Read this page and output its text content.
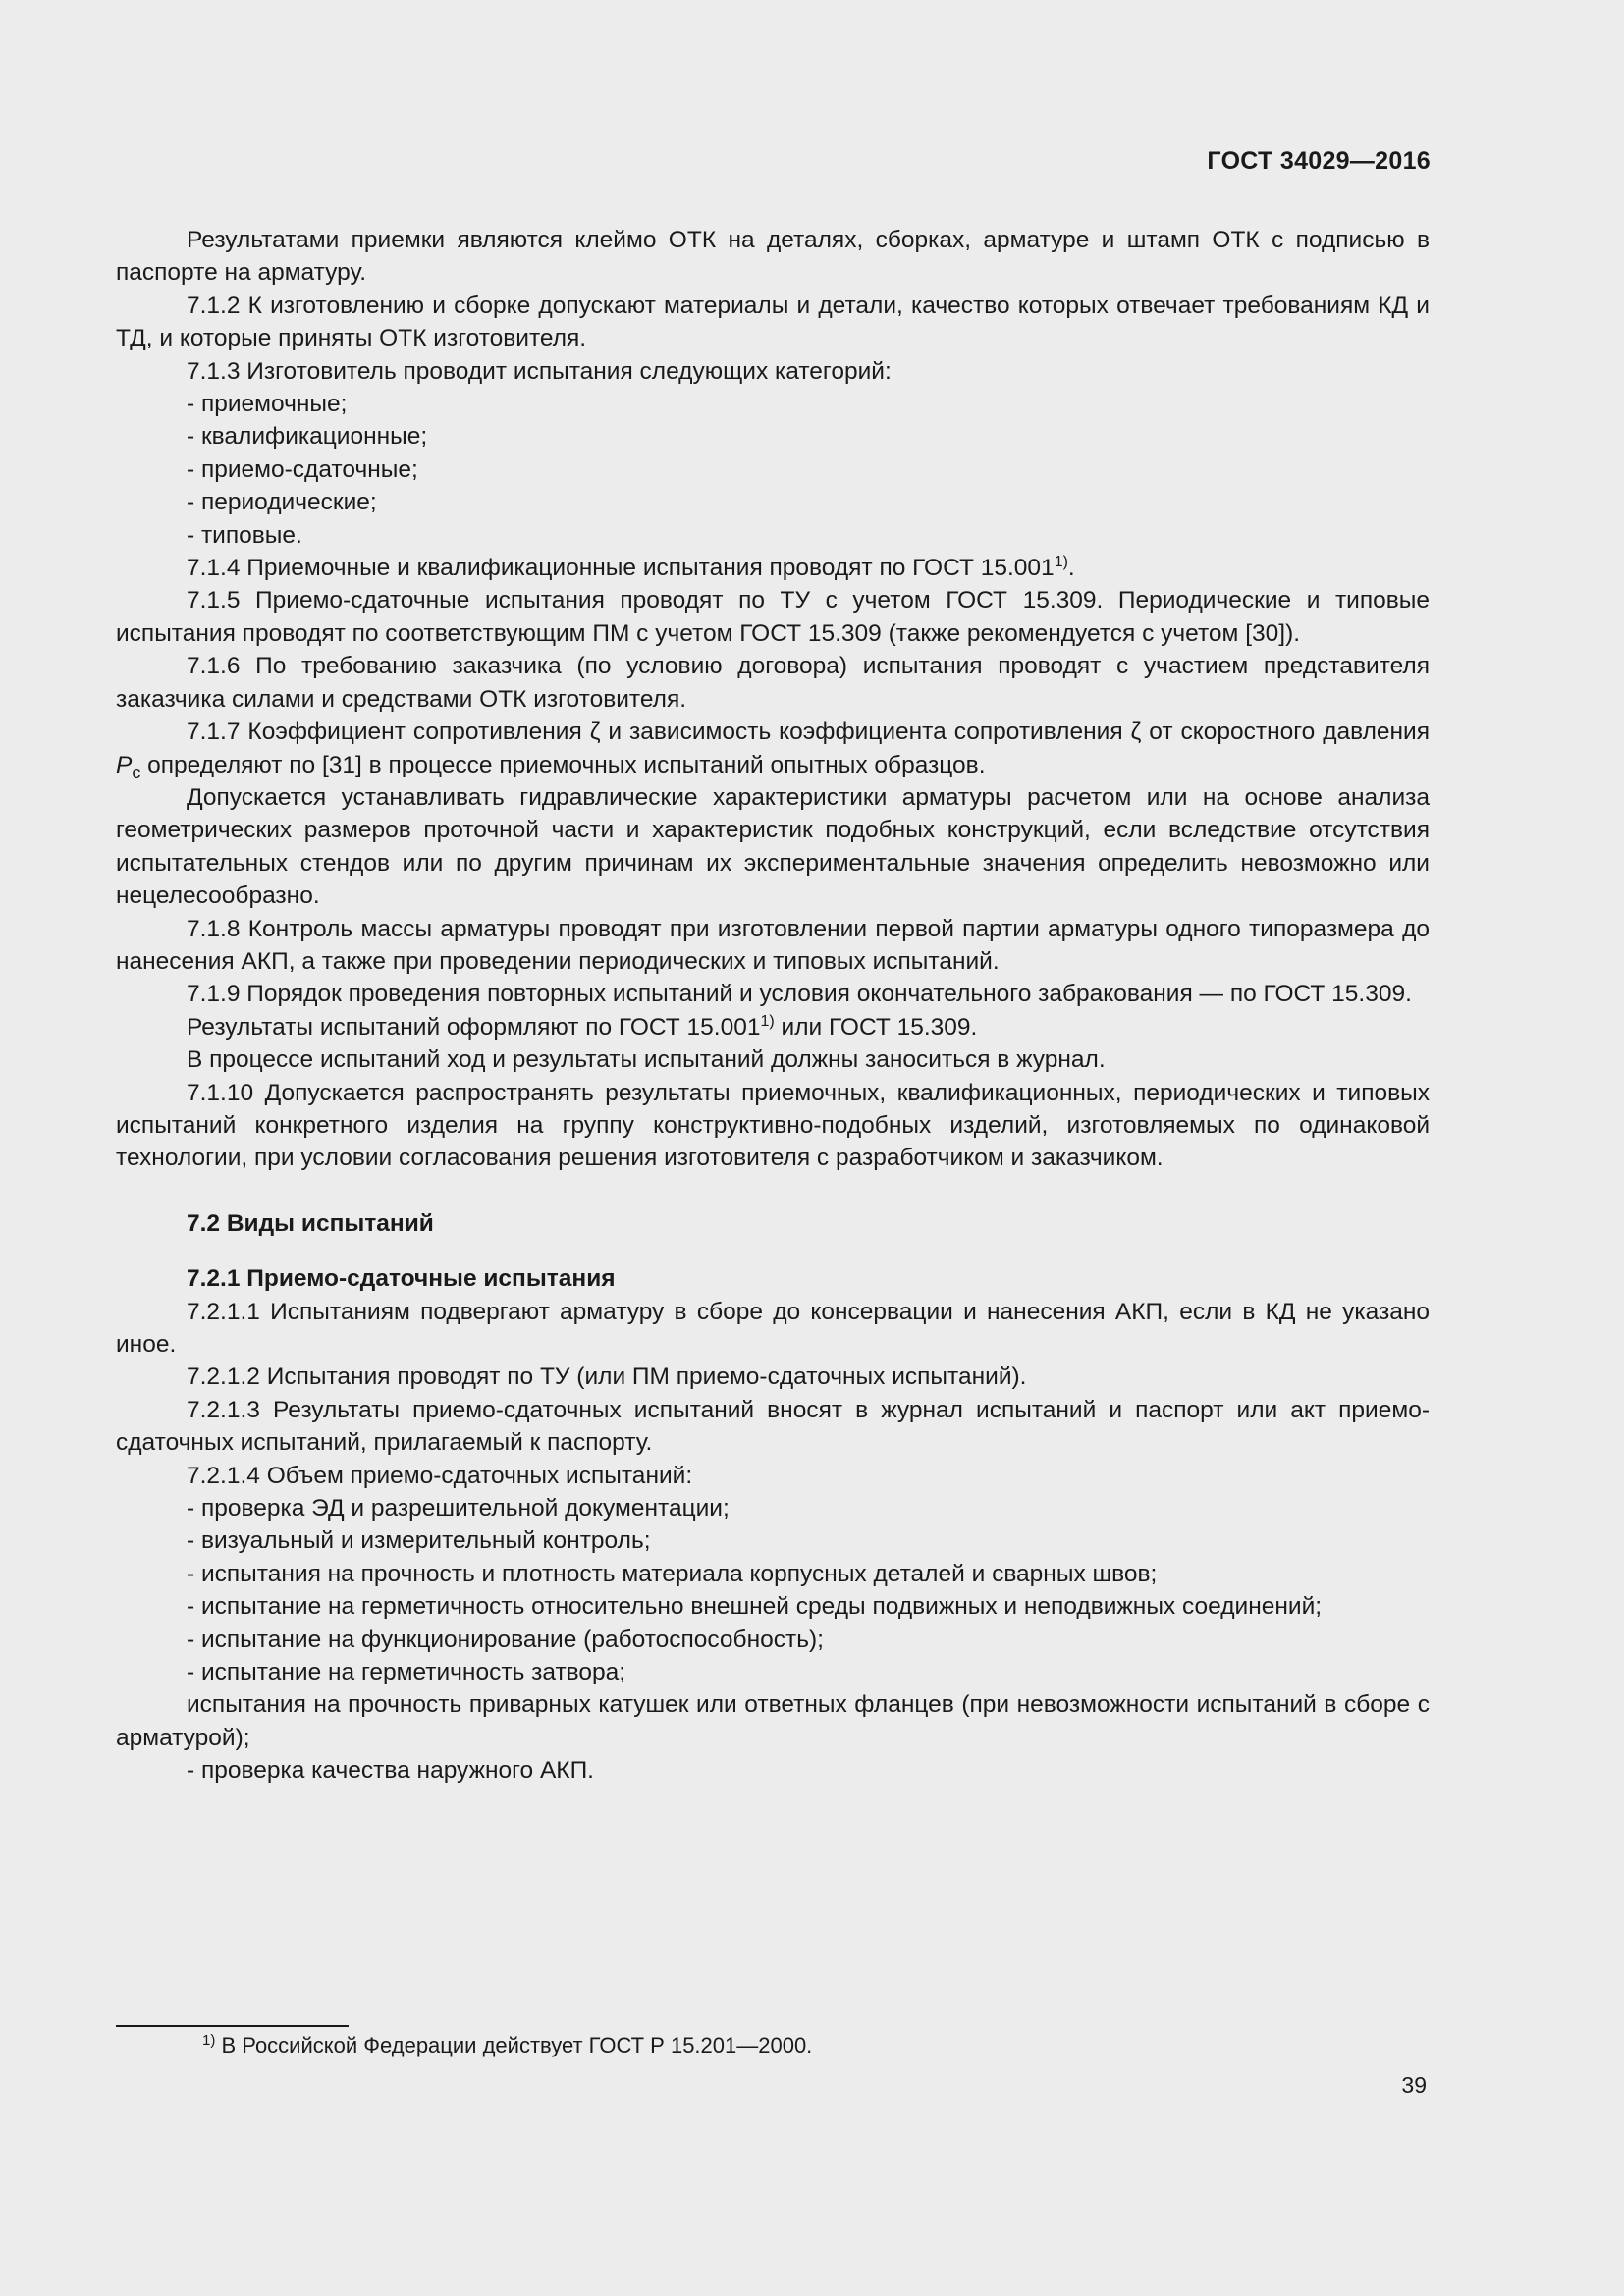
ГОСТ 34029—2016

Результатами приемки являются клеймо ОТК на деталях, сборках, арматуре и штамп ОТК с подписью в паспорте на арматуру.

7.1.2 К изготовлению и сборке допускают материалы и детали, качество которых отвечает требованиям КД и ТД, и которые приняты ОТК изготовителя.

7.1.3 Изготовитель проводит испытания следующих категорий:

- приемочные;

- квалификационные;

- приемо-сдаточные;

- периодические;

- типовые.

7.1.4 Приемочные и квалификационные испытания проводят по ГОСТ 15.001$^{1)}$.

7.1.5 Приемо-сдаточные испытания проводят по ТУ с учетом ГОСТ 15.309. Периодические и типовые испытания проводят по соответствующим ПМ с учетом ГОСТ 15.309 (также рекомендуется с учетом [30]).

7.1.6 По требованию заказчика (по условию договора) испытания проводят с участием представителя заказчика силами и средствами ОТК изготовителя.

7.1.7 Коэффициент сопротивления ζ и зависимость коэффициента сопротивления ζ от скоростного давления $P_c$ определяют по [31] в процессе приемочных испытаний опытных образцов.

Допускается устанавливать гидравлические характеристики арматуры расчетом или на основе анализа геометрических размеров проточной части и характеристик подобных конструкций, если вследствие отсутствия испытательных стендов или по другим причинам их экспериментальные значения определить невозможно или нецелесообразно.

7.1.8 Контроль массы арматуры проводят при изготовлении первой партии арматуры одного типоразмера до нанесения АКП, а также при проведении периодических и типовых испытаний.

7.1.9 Порядок проведения повторных испытаний и условия окончательного забракования — по ГОСТ 15.309.

Результаты испытаний оформляют по ГОСТ 15.001$^{1)}$ или ГОСТ 15.309.

В процессе испытаний ход и результаты испытаний должны заноситься в журнал.

7.1.10 Допускается распространять результаты приемочных, квалификационных, периодических и типовых испытаний конкретного изделия на группу конструктивно-подобных изделий, изготовляемых по одинаковой технологии, при условии согласования решения изготовителя с разработчиком и заказчиком.

7.2 Виды испытаний

7.2.1 Приемо-сдаточные испытания

7.2.1.1 Испытаниям подвергают арматуру в сборе до консервации и нанесения АКП, если в КД не указано иное.

7.2.1.2 Испытания проводят по ТУ (или ПМ приемо-сдаточных испытаний).

7.2.1.3 Результаты приемо-сдаточных испытаний вносят в журнал испытаний и паспорт или акт приемо-сдаточных испытаний, прилагаемый к паспорту.

7.2.1.4 Объем приемо-сдаточных испытаний:

- проверка ЭД и разрешительной документации;

- визуальный и измерительный контроль;

- испытания на прочность и плотность материала корпусных деталей и сварных швов;

- испытание на герметичность относительно внешней среды подвижных и неподвижных соединений;

- испытание на функционирование (работоспособность);

- испытание на герметичность затвора;

испытания на прочность приварных катушек или ответных фланцев (при невозможности испытаний в сборе с арматурой);

- проверка качества наружного АКП.

$^{1)}$ В Российской Федерации действует ГОСТ Р 15.201—2000.
39
